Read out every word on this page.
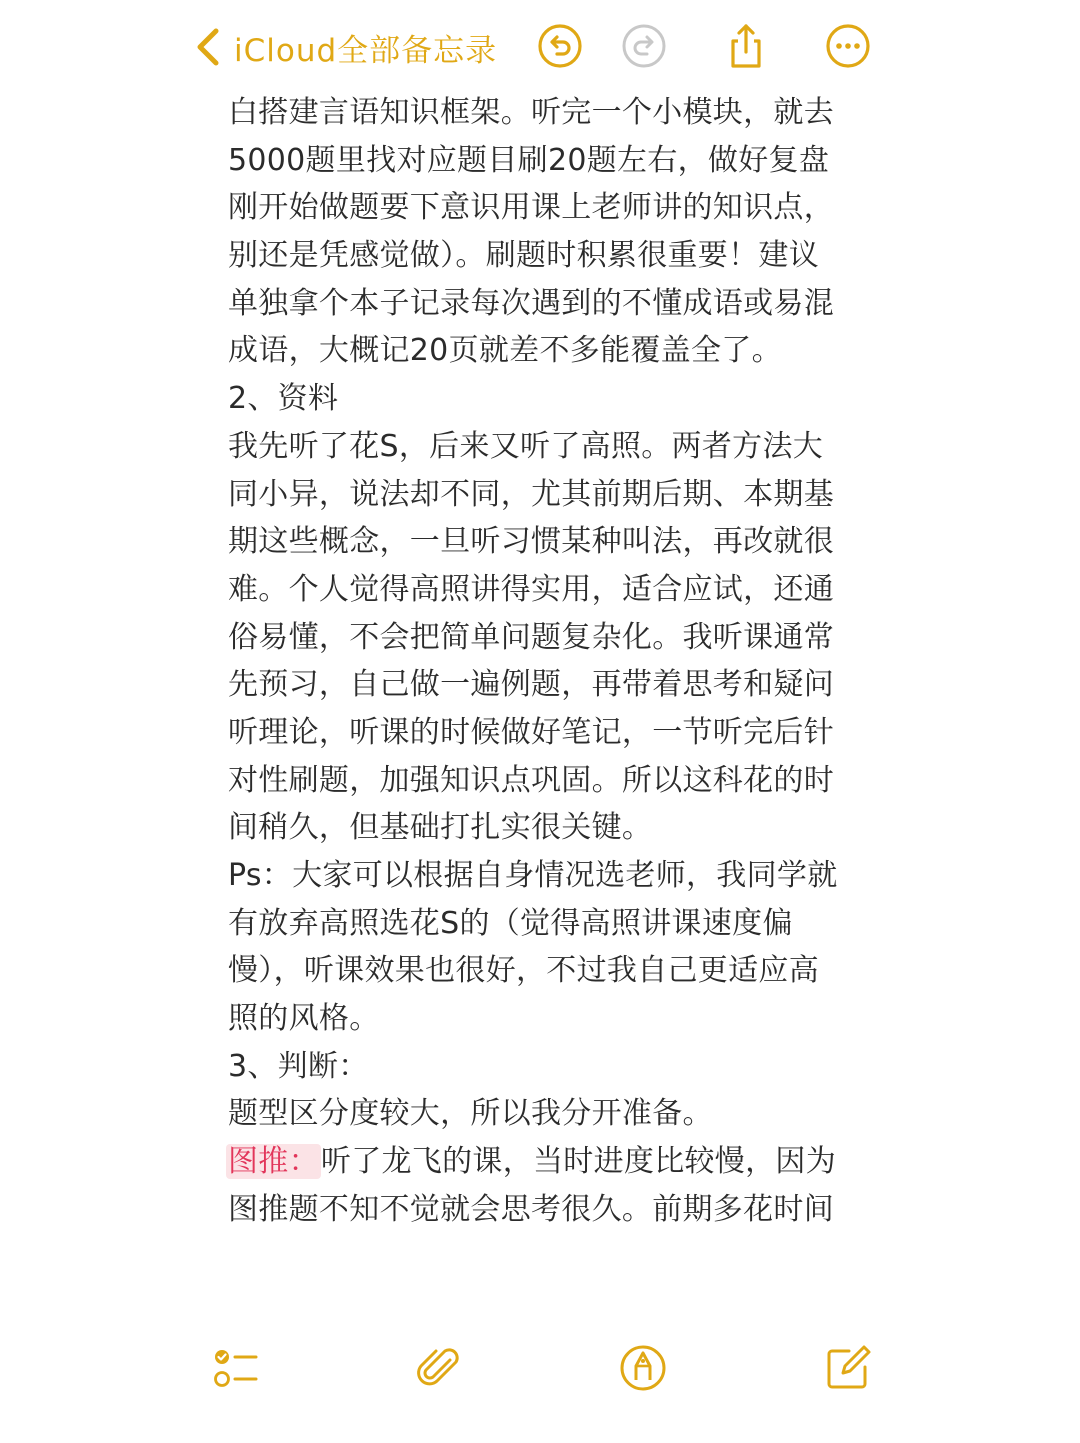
iCloud全部备忘录
白搭建言语知识框架。听完一个小模块，就去
5000题里找对应题目刷20题左右，做好复盘
刚开始做题要下意识用课上老师讲的知识点，
别还是凭感觉做）。刷题时积累很重要！建议
单独拿个本子记录每次遇到的不懂成语或易混
成语，大概记20页就差不多能覆盖全了。
2、资料
我先听了花S，后来又听了高照。两者方法大
同小异，说法却不同，尤其前期后期、本期基
期这些概念，一旦听习惯某种叫法，再改就很
难。个人觉得高照讲得实用，适合应试，还通
俗易懂，不会把简单问题复杂化。我听课通常
先预习，自己做一遍例题，再带着思考和疑问
听理论，听课的时候做好笔记，一节听完后针
对性刷题，加强知识点巩固。所以这科花的时
间稍久，但基础打扎实很关键。
Ps：大家可以根据自身情况选老师，我同学就
有放弃高照选花S的（觉得高照讲课速度偏
慢），听课效果也很好，不过我自己更适应高
照的风格。
3、判断：
题型区分度较大，所以我分开准备。
图推：听了龙飞的课，当时进度比较慢，因为
图推题不知不觉就会思考很久。前期多花时间
